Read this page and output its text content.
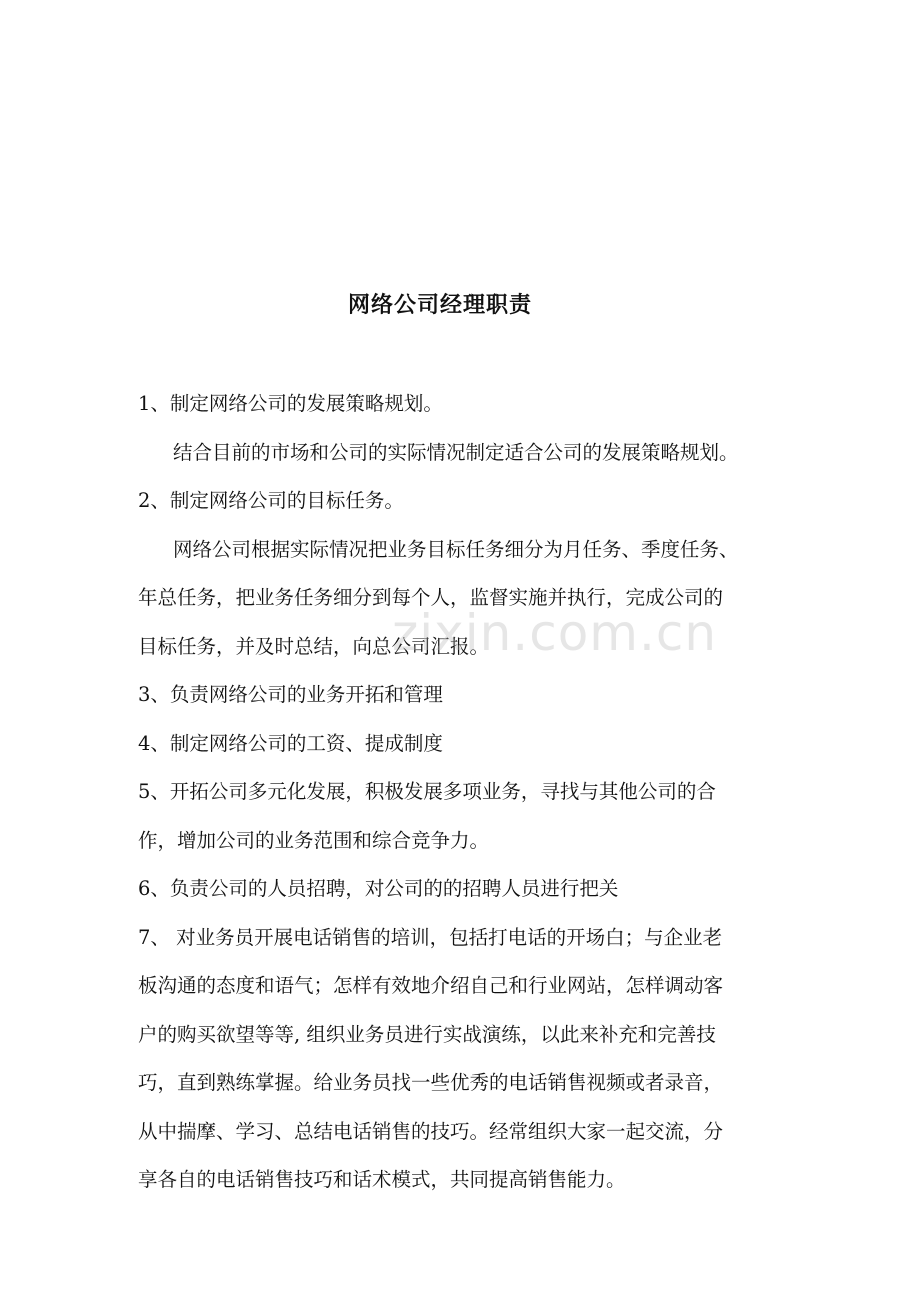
网络公司经理职责

1、制定网络公司的发展策略规划。

结合目前的市场和公司的实际情况制定适合公司的发展策略规划。

2、制定网络公司的目标任务。

网络公司根据实际情况把业务目标任务细分为月任务、季度任务、

年总任务，把业务任务细分到每个人，监督实施并执行，完成公司的

目标任务，并及时总结，向总公司汇报。

3、负责网络公司的业务开拓和管理

4、制定网络公司的工资、提成制度

5、开拓公司多元化发展，积极发展多项业务，寻找与其他公司的合

作，增加公司的业务范围和综合竞争力。

6、负责公司的人员招聘，对公司的的招聘人员进行把关

7、 对业务员开展电话销售的培训，包括打电话的开场白；与企业老

板沟通的态度和语气；怎样有效地介绍自己和行业网站，怎样调动客

户的购买欲望等等, 组织业务员进行实战演练，以此来补充和完善技

巧，直到熟练掌握。给业务员找一些优秀的电话销售视频或者录音，

从中揣摩、学习、总结电话销售的技巧。经常组织大家一起交流，分

享各自的电话销售技巧和话术模式，共同提高销售能力。

zixin.com.cn
